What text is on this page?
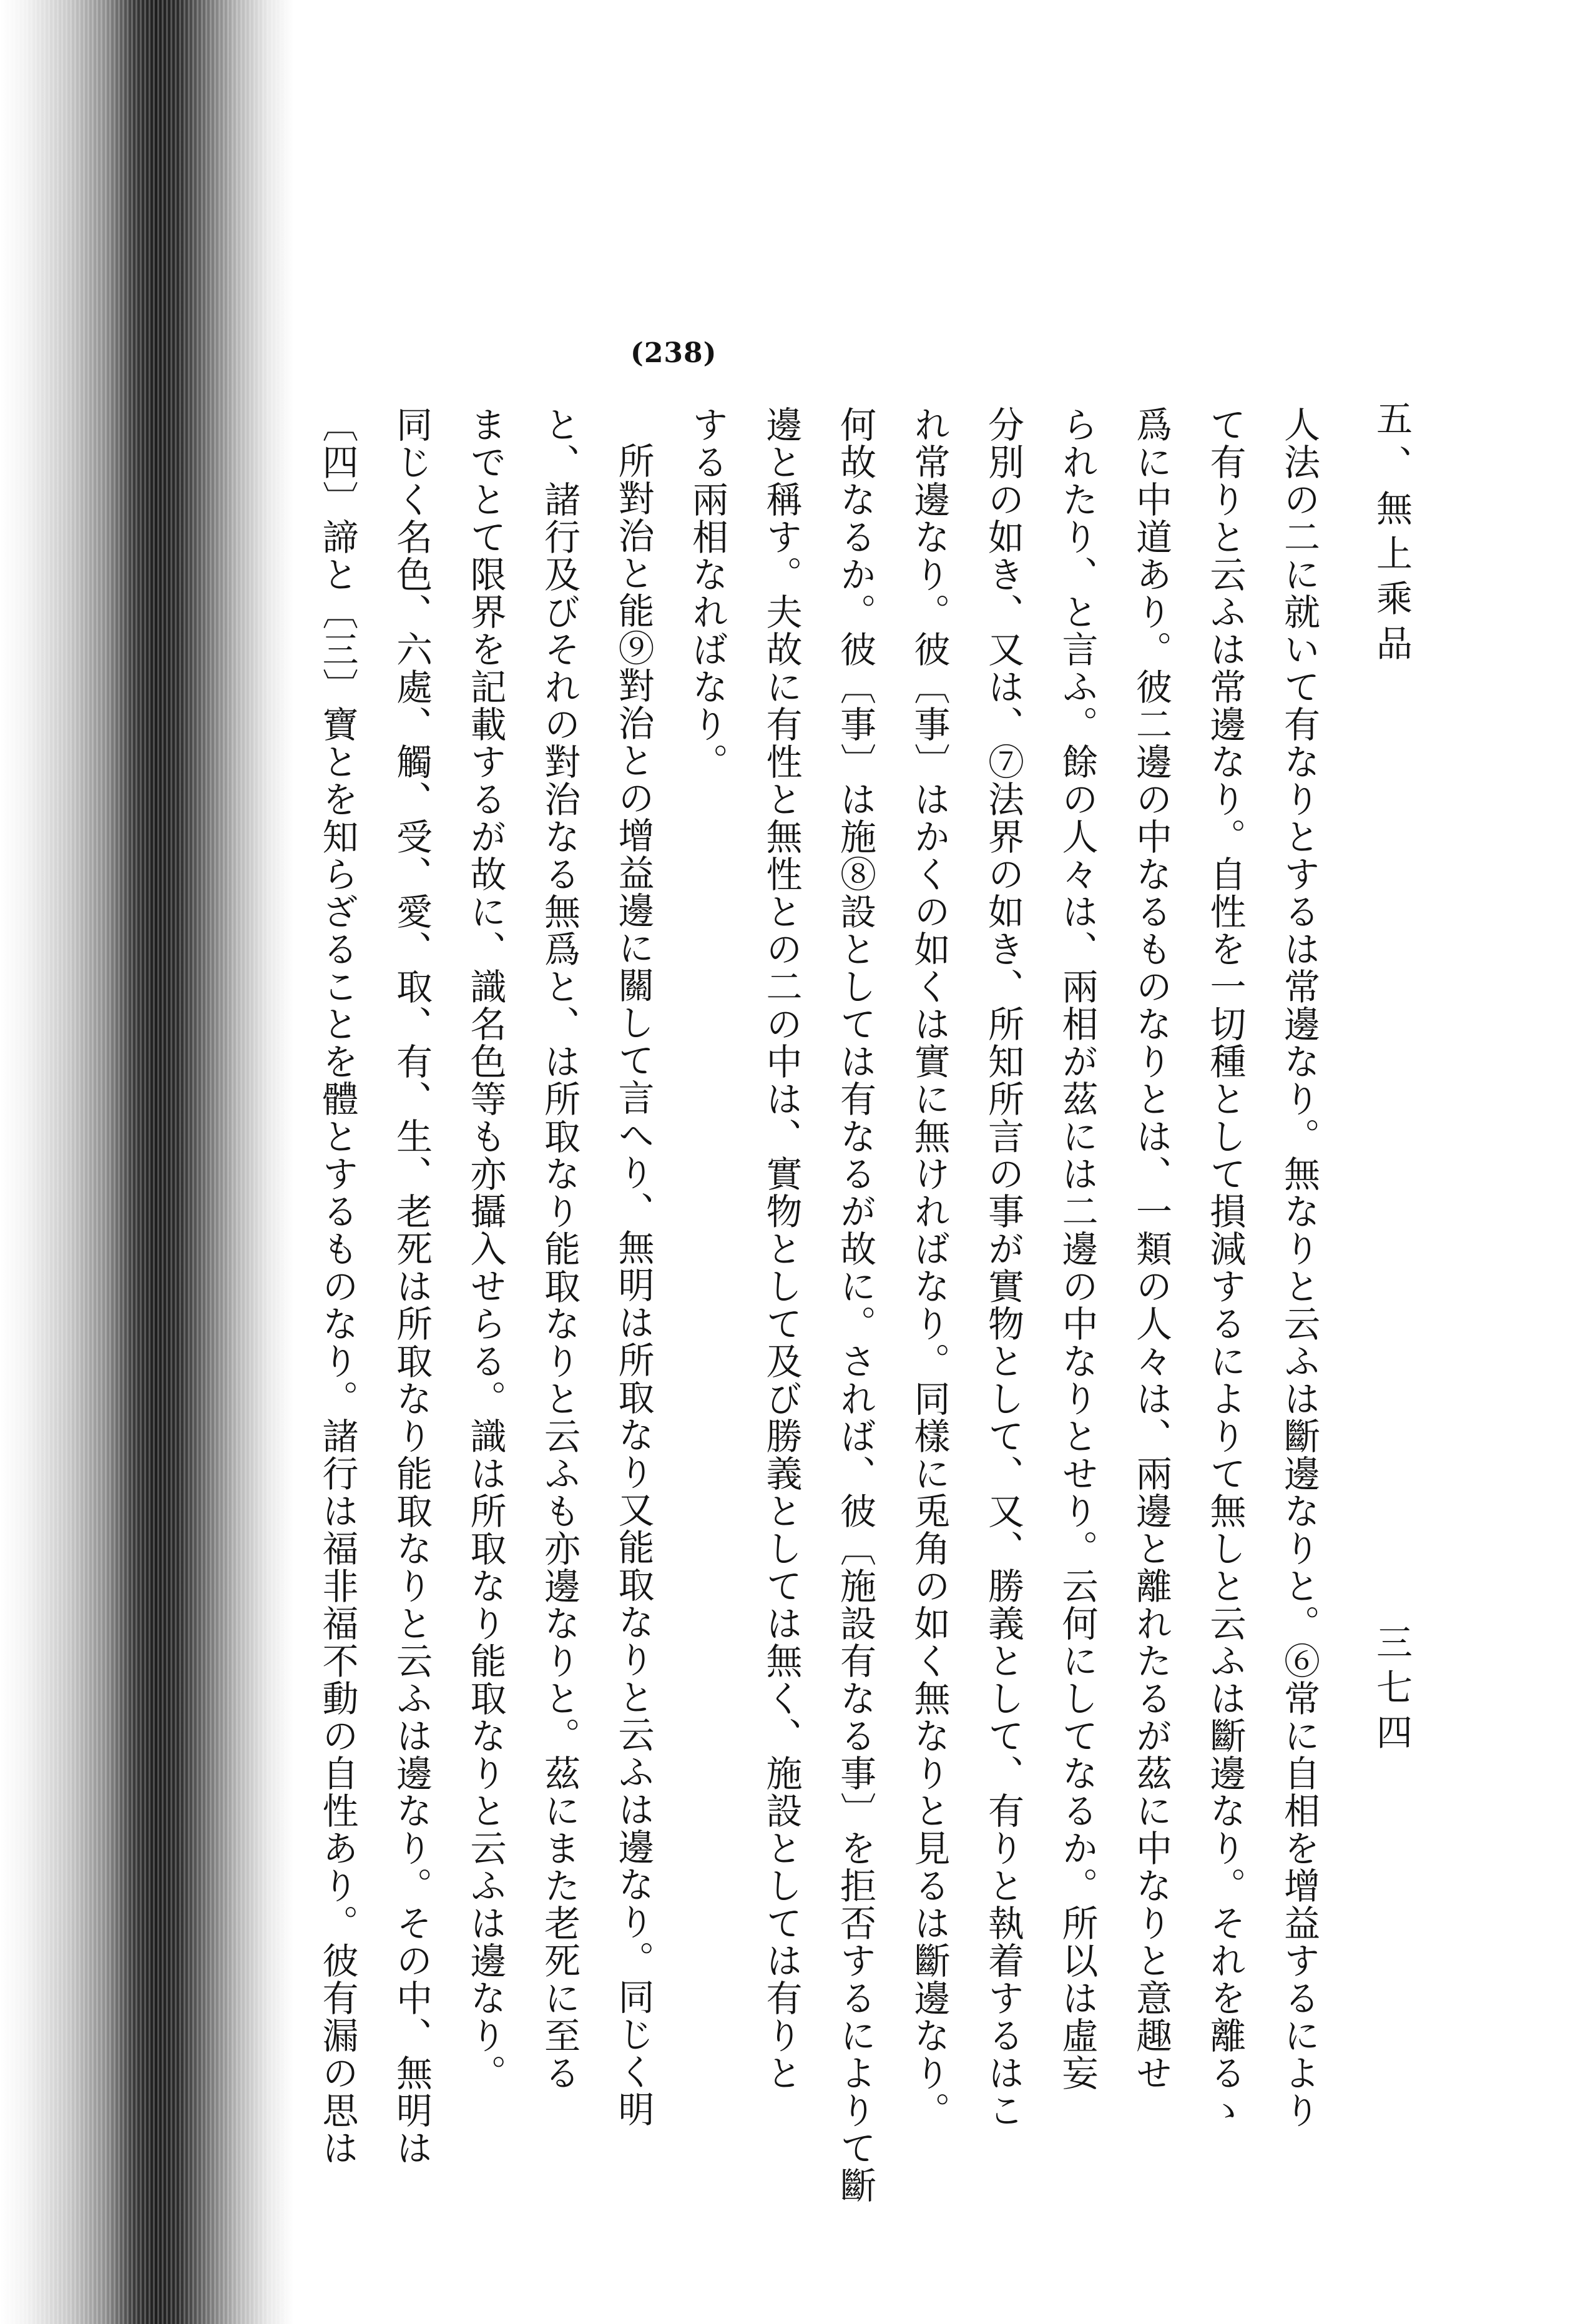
(238)
五、無上乘品
三七四
人法の二に就いて有なりとするは常邊なり。無なりと云ふは斷邊なりと。⑥常に自相を增益するにより
て有りと云ふは常邊なり。自性を一切種として損減するによりて無しと云ふは斷邊なり。それを離るゝ
爲に中道あり。彼二邊の中なるものなりとは、一類の人々は、兩邊と離れたるが茲に中なりと意趣せ
られたり、と言ふ。餘の人々は、兩相が茲には二邊の中なりとせり。云何にしてなるか。所以は虛妄
分別の如き、又は、⑦法界の如き、所知所言の事が實物として、又、勝義として、有りと執着するはこ
れ常邊なり。彼〔事〕はかくの如くは實に無ければなり。同樣に兎角の如く無なりと見るは斷邊なり。
何故なるか。彼〔事〕は施⑧設としては有なるが故に。されば、彼〔施設有なる事〕を拒否するによりて斷
邊と稱す。夫故に有性と無性との二の中は、實物として及び勝義としては無く、施設としては有りと
する兩相なればなり。
所對治と能⑨對治との增益邊に關して言へり、無明は所取なり又能取なりと云ふは邊なり。同じく明
と、諸行及びそれの對治なる無爲と、は所取なり能取なりと云ふも亦邊なりと。茲にまた老死に至る
までとて限界を記載するが故に、識名色等も亦攝入せらる。識は所取なり能取なりと云ふは邊なり。
同じく名色、六處、觸、受、愛、取、有、生、老死は所取なり能取なりと云ふは邊なり。その中、無明は
〔四〕諦と〔三〕寶とを知らざることを體とするものなり。諸行は福非福不動の自性あり。彼有漏の思は
